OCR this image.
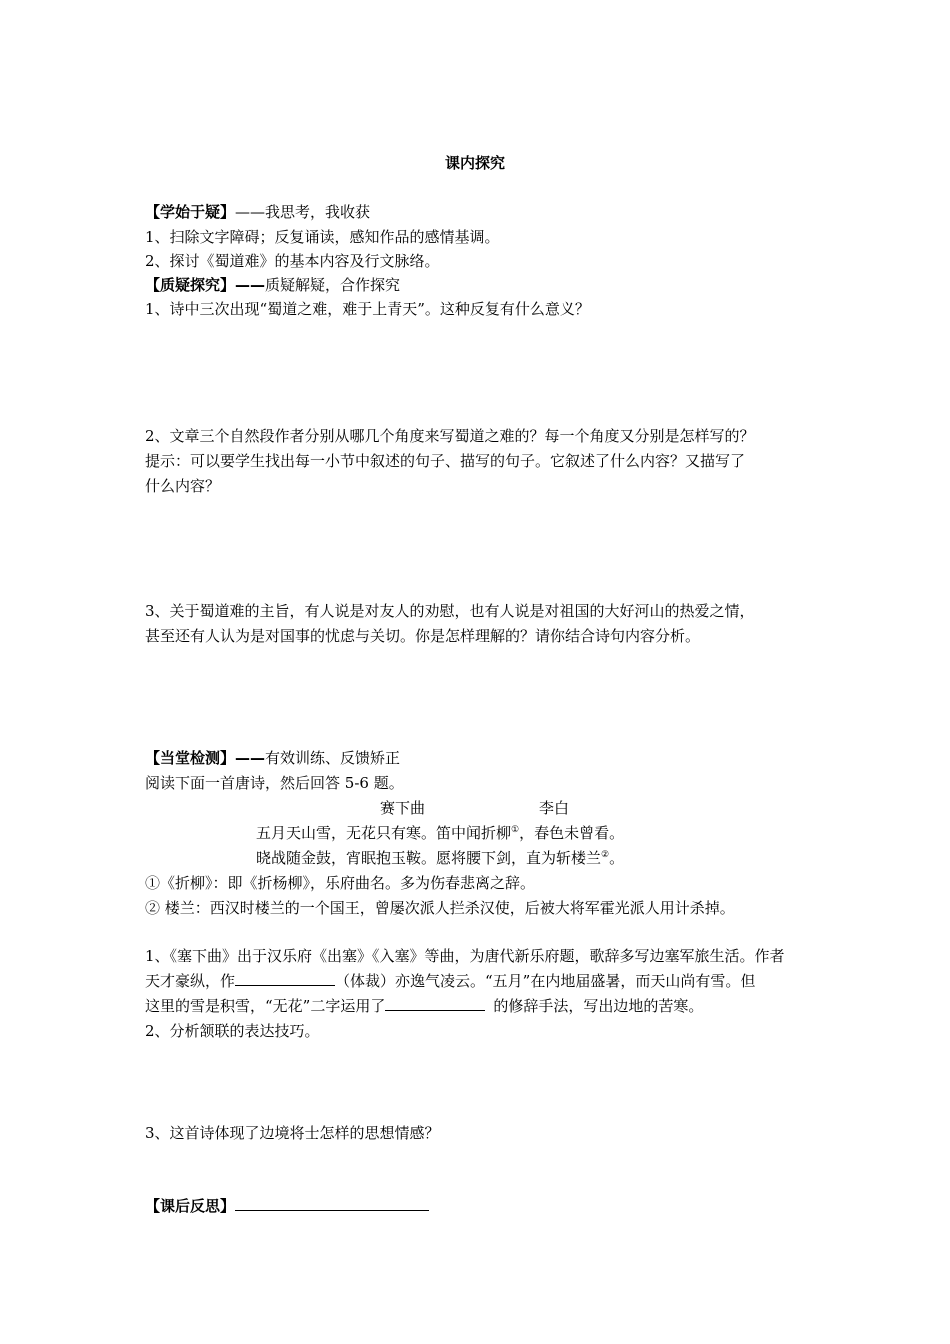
课内探究
【学始于疑】——我思考，我收获
1、扫除文字障碍；反复诵读，感知作品的感情基调。
2、探讨《蜀道难》的基本内容及行文脉络。
【质疑探究】——质疑解疑，合作探究
1、诗中三次出现“蜀道之难，难于上青天”。这种反复有什么意义？
2、文章三个自然段作者分别从哪几个角度来写蜀道之难的？每一个角度又分别是怎样写的？
提示：可以要学生找出每一小节中叙述的句子、描写的句子。它叙述了什么内容？又描写了
什么内容？
3、关于蜀道难的主旨，有人说是对友人的劝慰，也有人说是对祖国的大好河山的热爱之情，
甚至还有人认为是对国事的忧虑与关切。你是怎样理解的？请你结合诗句内容分析。
【当堂检测】——有效训练、反馈矫正
阅读下面一首唐诗，然后回答 5-6 题。
赛下曲	李白
五月天山雪，无花只有寒。笛中闻折柳①，春色未曾看。
晓战随金鼓，宵眠抱玉鞍。愿将腰下剑，直为斩楼兰②。
①《折柳》：即《折杨柳》，乐府曲名。多为伤春悲离之辞。
② 楼兰：西汉时楼兰的一个国王，曾屡次派人拦杀汉使，后被大将军霍光派人用计杀掉。
1、《塞下曲》出于汉乐府《出塞》《入塞》等曲，为唐代新乐府题，歌辞多写边塞军旅生活。作者
天才豪纵，作	（体裁）亦逸气凌云。“五月”在内地届盛暑，而天山尚有雪。但
这里的雪是积雪，“无花”二字运用了	的修辞手法，写出边地的苦寒。
2、分析颔联的表达技巧。
3、这首诗体现了边境将士怎样的思想情感？
【课后反思】
